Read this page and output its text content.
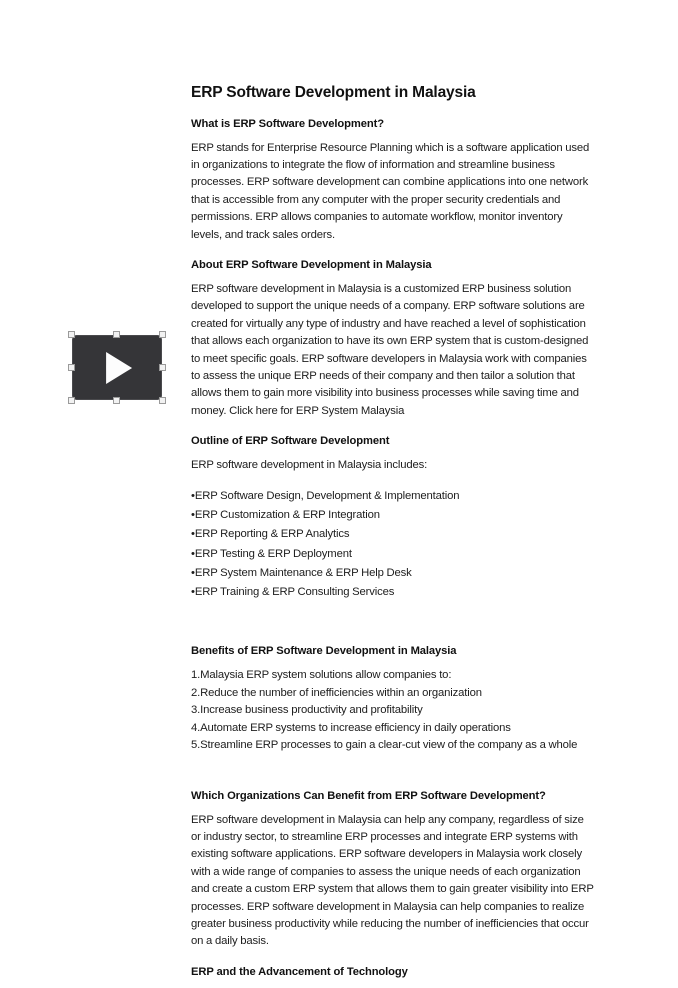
ERP Software Development in Malaysia
What is ERP Software Development?

ERP stands for Enterprise Resource Planning which is a software application used in organizations to integrate the flow of information and streamline business processes. ERP software development can combine applications into one network that is accessible from any computer with the proper security credentials and permissions. ERP allows companies to automate workflow, monitor inventory levels, and track sales orders.

About ERP Software Development in Malaysia

ERP software development in Malaysia is a customized ERP business solution developed to support the unique needs of a company. ERP software solutions are created for virtually any type of industry and have reached a level of sophistication that allows each organization to have its own ERP system that is custom-designed to meet specific goals. ERP software developers in Malaysia work with companies to assess the unique ERP needs of their company and then tailor a solution that allows them to gain more visibility into business processes while saving time and money. Click here for ERP System Malaysia

Outline of ERP Software Development

ERP software development in Malaysia includes:

•ERP Software Design, Development & Implementation
•ERP Customization & ERP Integration
•ERP Reporting & ERP Analytics
•ERP Testing & ERP Deployment
•ERP System Maintenance & ERP Help Desk
•ERP Training & ERP Consulting Services
Benefits of ERP Software Development in Malaysia
1.Malaysia ERP system solutions allow companies to:
2.Reduce the number of inefficiencies within an organization
3.Increase business productivity and profitability
4.Automate ERP systems to increase efficiency in daily operations
5.Streamline ERP processes to gain a clear-cut view of the company as a whole
Which Organizations Can Benefit from ERP Software Development?

ERP software development in Malaysia can help any company, regardless of size or industry sector, to streamline ERP processes and integrate ERP systems with existing software applications. ERP software developers in Malaysia work closely with a wide range of companies to assess the unique needs of each organization and create a custom ERP system that allows them to gain greater visibility into ERP processes. ERP software development in Malaysia can help companies to realize greater business productivity while reducing the number of inefficiencies that occur on a daily basis.

ERP and the Advancement of Technology
